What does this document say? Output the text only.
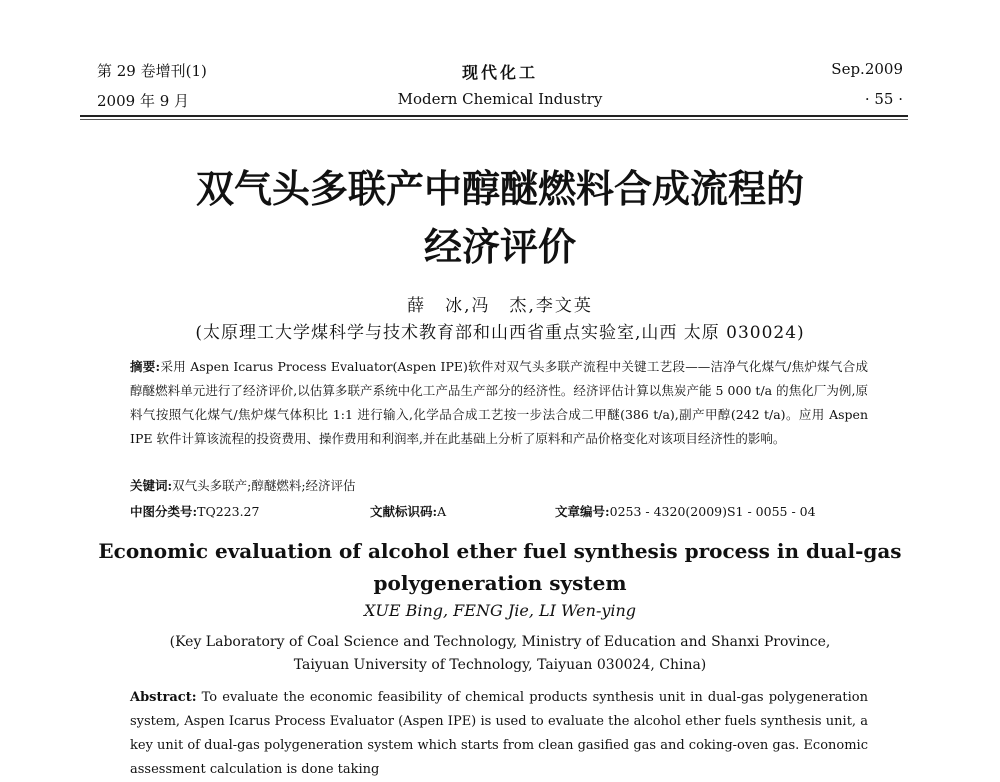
第 29 卷增刊(1)	现代化工	Sep.2009
2009 年 9 月	Modern Chemical Industry	· 55 ·
双气头多联产中醇醚燃料合成流程的
经济评价
薛　冰,冯　杰,李文英
(太原理工大学煤科学与技术教育部和山西省重点实验室,山西 太原 030024)
摘要:采用 Aspen Icarus Process Evaluator(Aspen IPE)软件对双气头多联产流程中关键工艺段——洁净气化煤气/焦炉煤气合成醇醚燃料单元进行了经济评价,以估算多联产系统中化工产品生产部分的经济性。经济评估计算以焦炭产能 5 000 t/a 的焦化厂为例,原料气按照气化煤气/焦炉煤气体积比 1:1 进行输入,化学品合成工艺按一步法合成二甲醚(386 t/a),副产甲醇(242 t/a)。应用 Aspen IPE 软件计算该流程的投资费用、操作费用和利润率,并在此基础上分析了原料和产品价格变化对该项目经济性的影响。
关键词:双气头多联产;醇醚燃料;经济评估
中图分类号:TQ223.27	文献标识码:A	文章编号:0253 - 4320(2009)S1 - 0055 - 04
Economic evaluation of alcohol ether fuel synthesis process in dual-gas
polygeneration system
XUE Bing, FENG Jie, LI Wen-ying
(Key Laboratory of Coal Science and Technology, Ministry of Education and Shanxi Province,
Taiyuan University of Technology, Taiyuan 030024, China)
Abstract: To evaluate the economic feasibility of chemical products synthesis unit in dual-gas polygeneration system, Aspen Icarus Process Evaluator (Aspen IPE) is used to evaluate the alcohol ether fuels synthesis unit, a key unit of dual-gas polygeneration system which starts from clean gasified gas and coking-oven gas. Economic assessment calculation is done taking
